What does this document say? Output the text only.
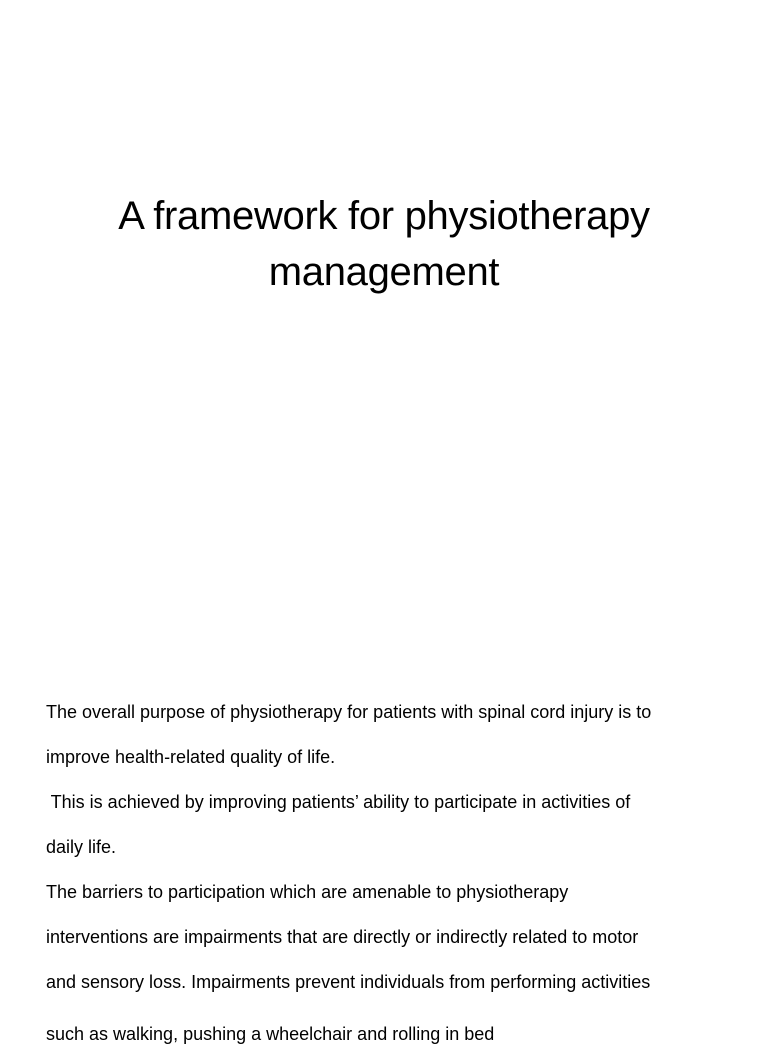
A framework for physiotherapy
management

The overall purpose of physiotherapy for patients with spinal cord injury is to

improve health-related quality of life.

This is achieved by improving patients’ ability to participate in activities of

daily life.

The barriers to participation which are amenable to physiotherapy

interventions are impairments that are directly or indirectly related to motor

and sensory loss. Impairments prevent individuals from performing activities

such as walking, pushing a wheelchair and rolling in bed
